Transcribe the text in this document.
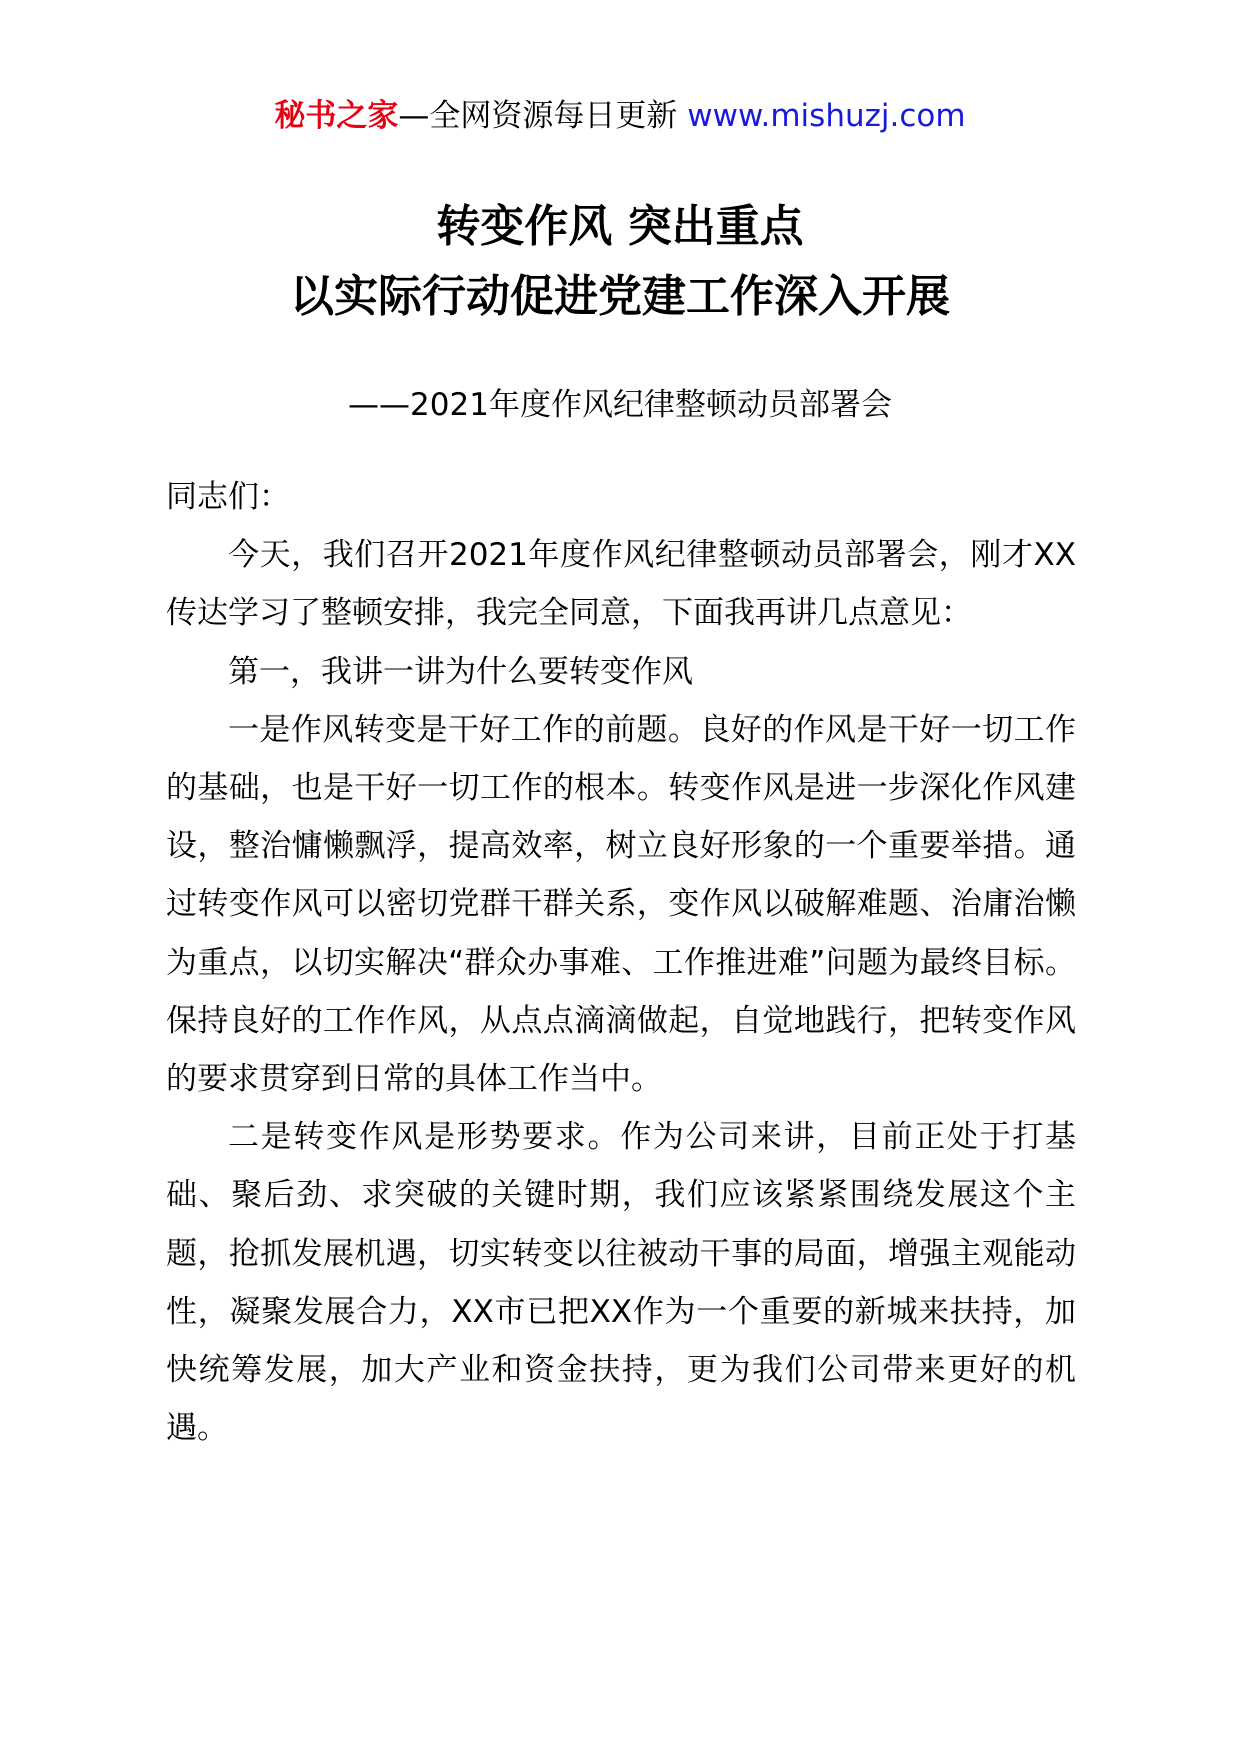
秘书之家—全网资源每日更新 www.mishuzj.com
转变作风 突出重点
以实际行动促进党建工作深入开展
——2021年度作风纪律整顿动员部署会

同志们：

今天，我们召开2021年度作风纪律整顿动员部署会，刚才XX传达学习了整顿安排，我完全同意，下面我再讲几点意见：

第一，我讲一讲为什么要转变作风

一是作风转变是干好工作的前题。良好的作风是干好一切工作的基础，也是干好一切工作的根本。转变作风是进一步深化作风建设，整治慵懒飘浮，提高效率，树立良好形象的一个重要举措。通过转变作风可以密切党群干群关系，变作风以破解难题、治庸治懒为重点，以切实解决“群众办事难、工作推进难”问题为最终目标。保持良好的工作作风，从点点滴滴做起，自觉地践行，把转变作风的要求贯穿到日常的具体工作当中。

二是转变作风是形势要求。作为公司来讲，目前正处于打基础、聚后劲、求突破的关键时期，我们应该紧紧围绕发展这个主题，抢抓发展机遇，切实转变以往被动干事的局面，增强主观能动性，凝聚发展合力，XX市已把XX作为一个重要的新城来扶持，加快统筹发展，加大产业和资金扶持，更为我们公司带来更好的机遇。
